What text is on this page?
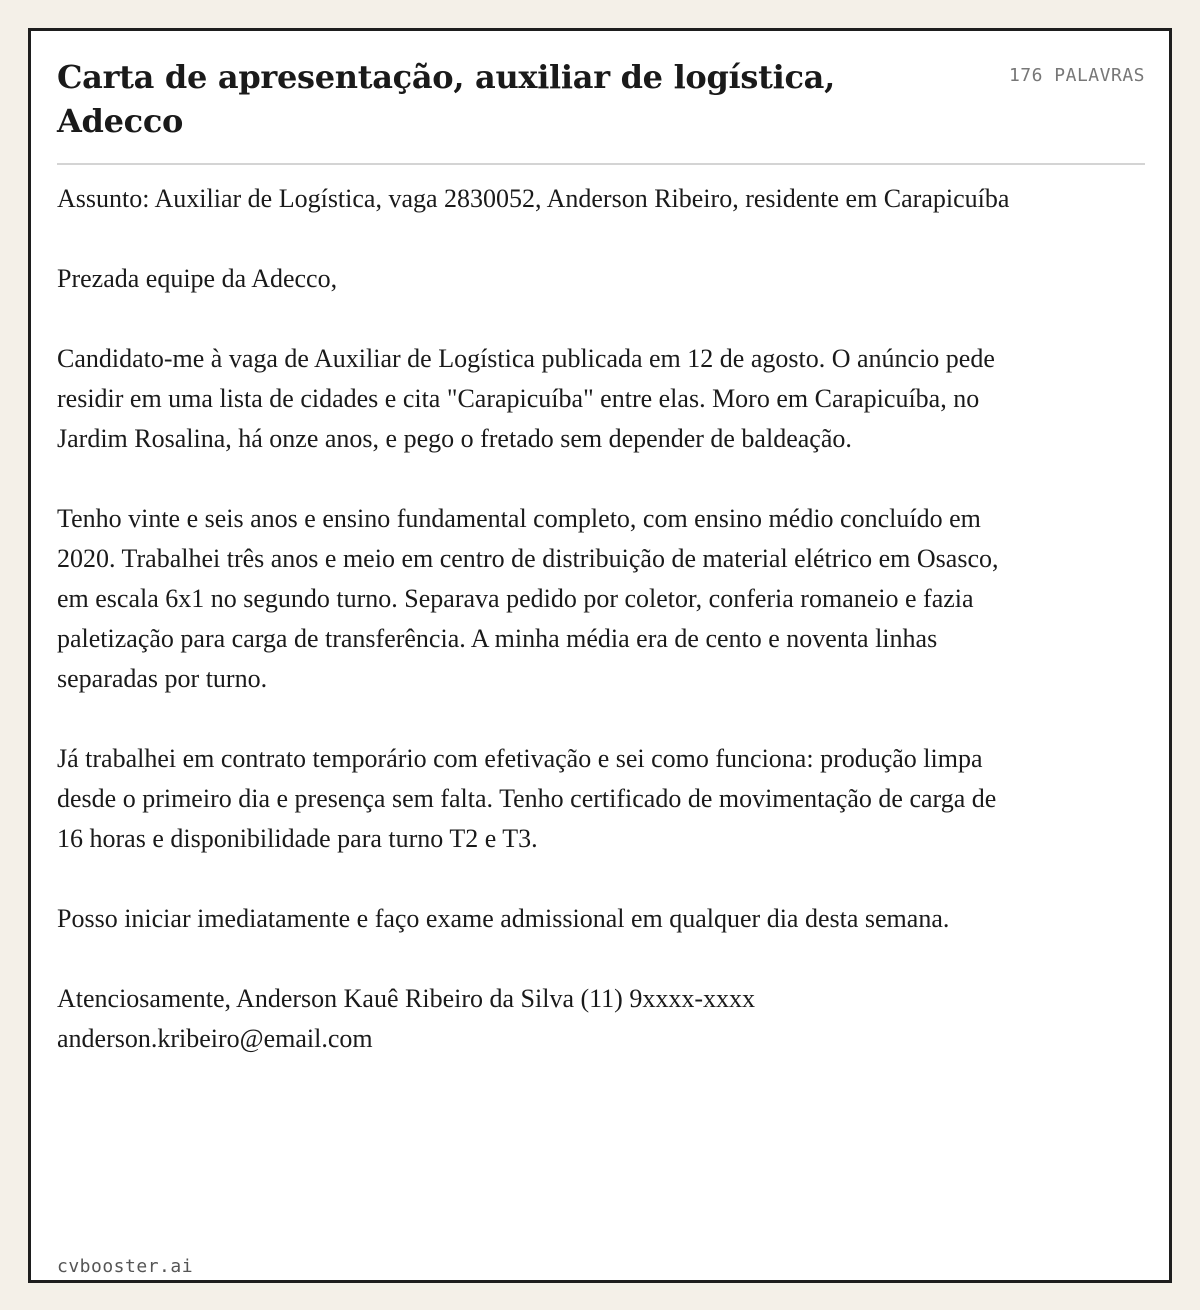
Carta de apresentação, auxiliar de logística, Adecco
176 PALAVRAS

Assunto: Auxiliar de Logística, vaga 2830052, Anderson Ribeiro, residente em Carapicuíba

Prezada equipe da Adecco,

Candidato-me à vaga de Auxiliar de Logística publicada em 12 de agosto. O anúncio pede residir em uma lista de cidades e cita "Carapicuíba" entre elas. Moro em Carapicuíba, no Jardim Rosalina, há onze anos, e pego o fretado sem depender de baldeação.

Tenho vinte e seis anos e ensino fundamental completo, com ensino médio concluído em 2020. Trabalhei três anos e meio em centro de distribuição de material elétrico em Osasco, em escala 6x1 no segundo turno. Separava pedido por coletor, conferia romaneio e fazia paletização para carga de transferência. A minha média era de cento e noventa linhas separadas por turno.

Já trabalhei em contrato temporário com efetivação e sei como funciona: produção limpa desde o primeiro dia e presença sem falta. Tenho certificado de movimentação de carga de 16 horas e disponibilidade para turno T2 e T3.

Posso iniciar imediatamente e faço exame admissional em qualquer dia desta semana.

Atenciosamente, Anderson Kauê Ribeiro da Silva (11) 9xxxx-xxxx
anderson.kribeiro@email.com

cvbooster.ai
